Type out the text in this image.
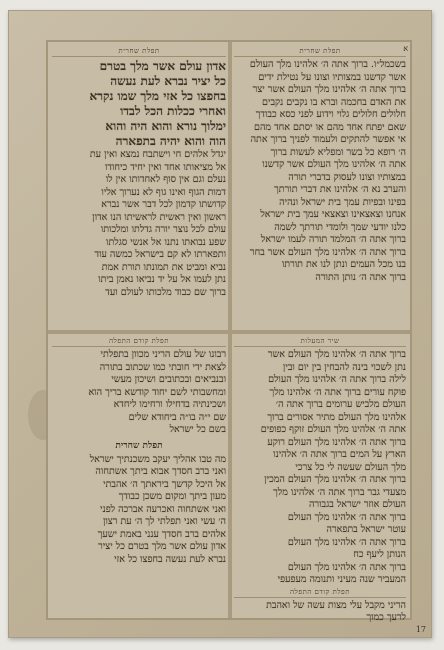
תפלת שחרית
בשכמל״ו. ברוך אתה ה׳ אלהינו מלך העולם
אשר קדשנו במצותיו וצונו על נטילת ידים
ברוך אתה ה׳ אלהינו מלך העולם אשר יצר
את האדם בחכמה וברא בו נקבים נקבים
חלולים חלולים גלוי וידוע לפני כסא כבודך
שאם יפתח אחד מהם או יסתם אחד מהם
אי אפשר להתקים ולעמוד לפניך ברוך אתה
ה׳ רופא כל בשר ומפליא לעשות ברוך
אתה ה׳ אלהינו מלך העולם אשר קדשנו
במצותיו וצונו לעסוק בדברי תורה
והערב נא ה׳ אלהינו את דברי תורתך
בפינו ובפיות עמך בית ישראל ונהיה
אנחנו וצאצאינו וצאצאי עמך בית ישראל
כלנו יודעי שמך ולומדי תורתך לשמה
ברוך אתה ה׳ המלמד תורה לעמו ישראל
ברוך אתה ה׳ אלהינו מלך העולם אשר בחר
בנו מכל העמים ונתן לנו את תורתו
ברוך אתה ה׳ נותן התורה
תפלת שחרית
אדון עולם אשר מלך בטרם
כל יציר נברא לעת נעשה
בחפצו כל אזי מלך שמו נקרא
ואחרי ככלות הכל לבדו
ימלוך נורא והוא היה והוא
הוה והוא יהיה בתפארה
יגדל אלהים חי וישתבח נמצא ואין עת
אל מציאותו אחד ואין יחיד כיחודו
נעלם וגם אין סוף לאחדותו אין לו
דמות הגוף ואינו גוף לא נערוך אליו
קדושתו קדמון לכל דבר אשר נברא
ראשון ואין ראשית לראשיתו הנו אדון
עולם לכל נוצר יורה גדלתו ומלכותו
שפע נבואתו נתנו אל אנשי סגלתו
ותפארתו לא קם בישראל כמשה עוד
נביא ומביט את תמונתו תורת אמת
נתן לעמו אל על יד נביאו נאמן ביתו
ברוך שם כבוד מלכותו לעולם ועד
שיר המעלות
ברוך אתה ה׳ אלהינו מלך העולם אשר
נתן לשכוי בינה להבחין בין יום ובין
לילה ברוך אתה ה׳ אלהינו מלך העולם
פוקח עורים ברוך אתה ה׳ אלהינו מלך
העולם מלביש ערומים ברוך אתה ה׳
אלהינו מלך העולם מתיר אסורים ברוך
אתה ה׳ אלהינו מלך העולם זוקף כפופים
ברוך אתה ה׳ אלהינו מלך העולם רוקע
הארץ על המים ברוך אתה ה׳ אלהינו
מלך העולם שעשה לי כל צרכי
ברוך אתה ה׳ אלהינו מלך העולם המכין
מצעדי גבר ברוך אתה ה׳ אלהינו מלך
העולם אוזר ישראל בגבורה
ברוך אתה ה׳ אלהינו מלך העולם
עוטר ישראל בתפארה
ברוך אתה ה׳ אלהינו מלך העולם
הנותן ליעף כח
ברוך אתה ה׳ אלהינו מלך העולם
המעביר שנה מעיני ותנומה מעפעפי
תפלת קודם התפלה
הריני מקבל עלי מצות עשה של ואהבת
לרעך כמוך
תפלת קודם התפלה
רבונו של עולם הריני מכוון בתפלתי
לצאת ידי חובתי כמו שכתוב בתורה
ובנביאים ובכתובים ושיכון מעשי
ומחשבותי לשם יחוד קודשא בריך הוא
ושכינתיה בדחילו ורחימו ליחדא
שם י״ה בו״ה ביחודא שלים
בשם כל ישראל
תפלת שחרית
מה טבו אהליך יעקב משכנתיך ישראל
ואני ברב חסדך אבוא ביתך אשתחוה
אל היכל קדשך ביראתך ה׳ אהבתי
מעון ביתך ומקום משכן כבודך
ואני אשתחוה ואכרעה אברכה לפני
ה׳ עשי ואני תפלתי לך ה׳ עת רצון
אלהים ברב חסדך ענני באמת ישעך
אדון עולם אשר מלך בטרם כל יציר
נברא לעת נעשה בחפצו כל אזי
א
17
